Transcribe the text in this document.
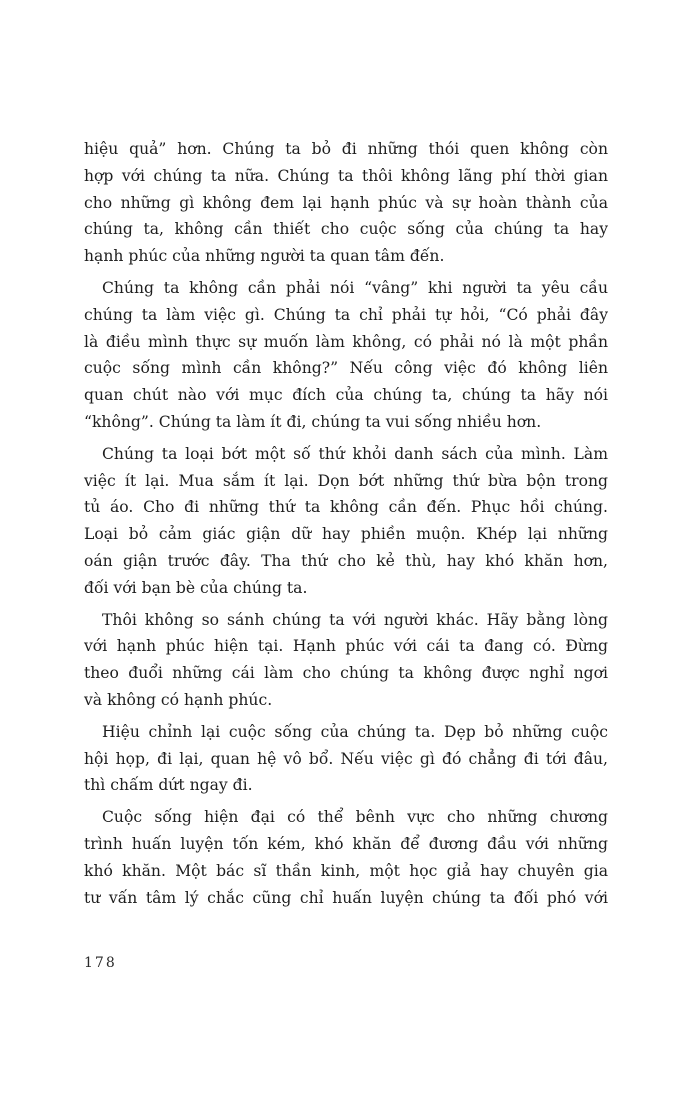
hiệu quả” hơn. Chúng ta bỏ đi những thói quen không còn
hợp với chúng ta nữa. Chúng ta thôi không lãng phí thời gian
cho những gì không đem lại hạnh phúc và sự hoàn thành của
chúng ta, không cần thiết cho cuộc sống của chúng ta hay
hạnh phúc của những người ta quan tâm đến.
Chúng ta không cần phải nói “vâng” khi người ta yêu cầu
chúng ta làm việc gì. Chúng ta chỉ phải tự hỏi, “Có phải đây
là điều mình thực sự muốn làm không, có phải nó là một phần
cuộc sống mình cần không?” Nếu công việc đó không liên
quan chút nào với mục đích của chúng ta, chúng ta hãy nói
“không”. Chúng ta làm ít đi, chúng ta vui sống nhiều hơn.
Chúng ta loại bớt một số thứ khỏi danh sách của mình. Làm
việc ít lại. Mua sắm ít lại. Dọn bớt những thứ bừa bộn trong
tủ áo. Cho đi những thứ ta không cần đến. Phục hồi chúng.
Loại bỏ cảm giác giận dữ hay phiền muộn. Khép lại những
oán giận trước đây. Tha thứ cho kẻ thù, hay khó khăn hơn,
đối với bạn bè của chúng ta.
Thôi không so sánh chúng ta với người khác. Hãy bằng lòng
với hạnh phúc hiện tại. Hạnh phúc với cái ta đang có. Đừng
theo đuổi những cái làm cho chúng ta không được nghỉ ngơi
và không có hạnh phúc.
Hiệu chỉnh lại cuộc sống của chúng ta. Dẹp bỏ những cuộc
hội họp, đi lại, quan hệ vô bổ. Nếu việc gì đó chẳng đi tới đâu,
thì chấm dứt ngay đi.
Cuộc sống hiện đại có thể bênh vực cho những chương
trình huấn luyện tốn kém, khó khăn để đương đầu với những
khó khăn. Một bác sĩ thần kinh, một học giả hay chuyên gia
tư vấn tâm lý chắc cũng chỉ huấn luyện chúng ta đối phó với
178
